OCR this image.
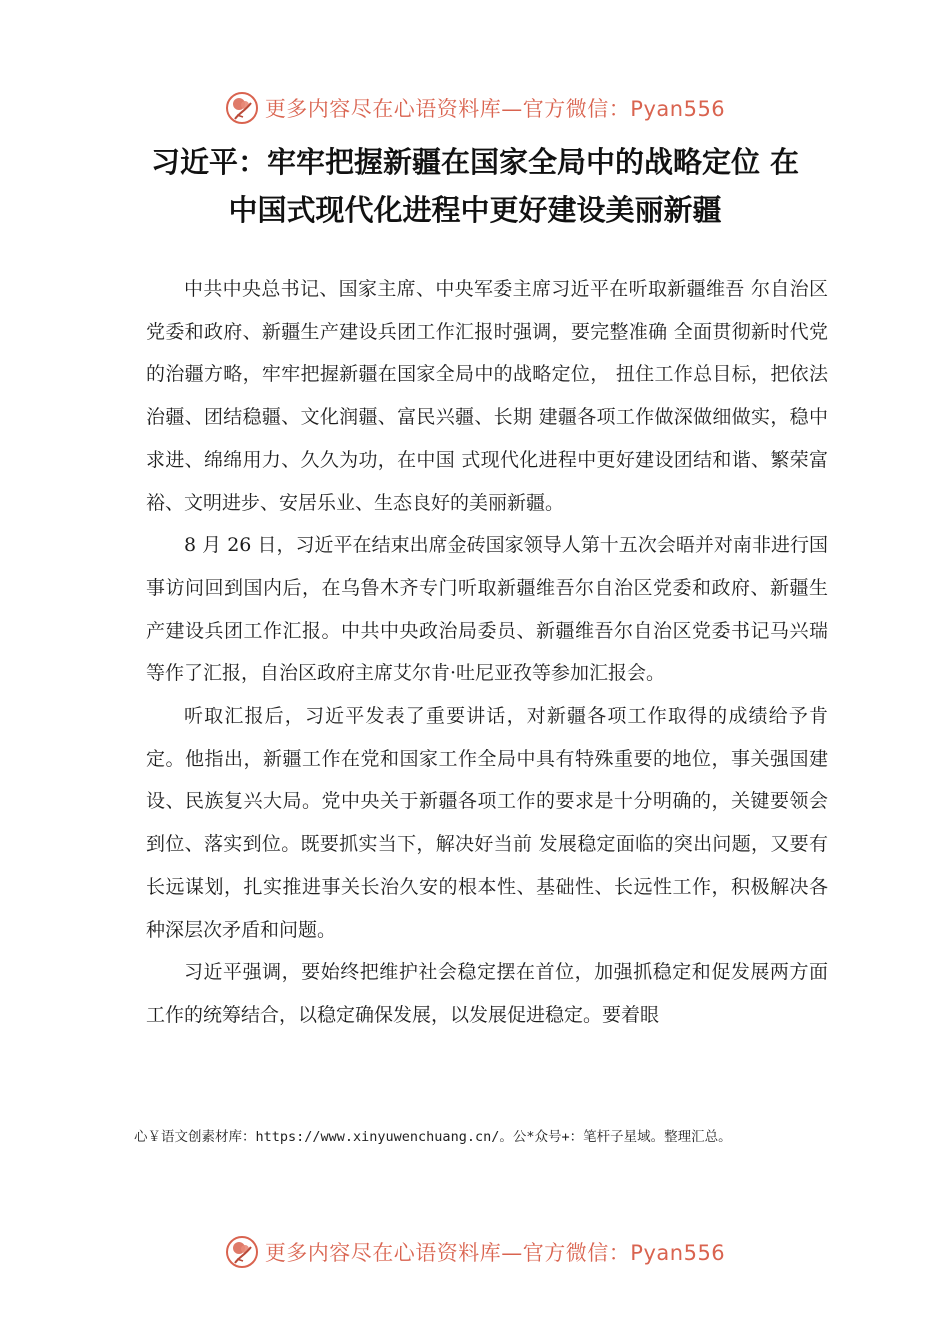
更多内容尽在心语资料库—官方微信：Pyan556
习近平：牢牢把握新疆在国家全局中的战略定位 在
中国式现代化进程中更好建设美丽新疆

中共中央总书记、国家主席、中央军委主席习近平在听取新疆维吾 尔自治区党委和政府、新疆生产建设兵团工作汇报时强调，要完整准确 全面贯彻新时代党的治疆方略，牢牢把握新疆在国家全局中的战略定位， 扭住工作总目标，把依法治疆、团结稳疆、文化润疆、富民兴疆、长期 建疆各项工作做深做细做实，稳中求进、绵绵用力、久久为功，在中国 式现代化进程中更好建设团结和谐、繁荣富裕、文明进步、安居乐业、生态良好的美丽新疆。

8 月 26 日，习近平在结束出席金砖国家领导人第十五次会晤并对南非进行国事访问回到国内后，在乌鲁木齐专门听取新疆维吾尔自治区党委和政府、新疆生产建设兵团工作汇报。中共中央政治局委员、新疆维吾尔自治区党委书记马兴瑞等作了汇报，自治区政府主席艾尔肯·吐尼亚孜等参加汇报会。

听取汇报后，习近平发表了重要讲话，对新疆各项工作取得的成绩给予肯定。他指出，新疆工作在党和国家工作全局中具有特殊重要的地位，事关强国建设、民族复兴大局。党中央关于新疆各项工作的要求是十分明确的，关键要领会到位、落实到位。既要抓实当下，解决好当前 发展稳定面临的突出问题，又要有长远谋划，扎实推进事关长治久安的根本性、基础性、长远性工作，积极解决各种深层次矛盾和问题。

习近平强调，要始终把维护社会稳定摆在首位，加强抓稳定和促发展两方面工作的统筹结合，以稳定确保发展，以发展促进稳定。要着眼

心￥语文创素材库：https://www.xinyuwenchuang.cn/。公*众号+：笔杆子星域。整理汇总。
更多内容尽在心语资料库—官方微信：Pyan556
